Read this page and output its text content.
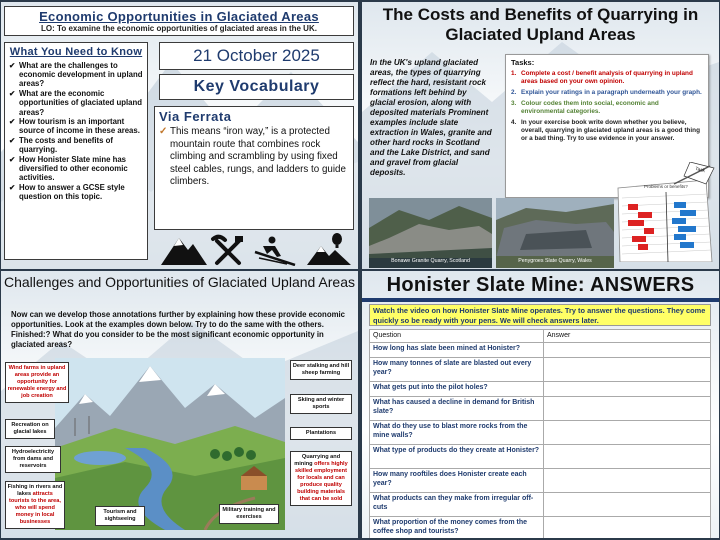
Economic Opportunities in Glaciated Areas
LO: To examine the economic opportunities of glaciated areas in the UK.
What You Need to Know
✔ What are the challenges to economic development in upland areas?
✔ What are the economic opportunities of glaciated upland areas?
✔ How tourism is an important source of income in these areas.
✔ The costs and benefits of quarrying.
✔ How Honister Slate mine has diversified to other economic activities.
✔ How to answer a GCSE style question on this topic.
21 October 2025
Key Vocabulary
Via Ferrata
✓ This means “iron way,” is a protected mountain route that combines rock climbing and scrambling by using fixed steel cables, rungs, and ladders to guide climbers.
The Costs and Benefits of Quarrying in Glaciated Upland Areas
In the UK's upland glaciated areas, the types of quarrying reflect the hard, resistant rock formations left behind by glacial erosion, along with deposited materials Prominent examples include slate extraction in Wales, granite and other hard rocks in Scotland and the Lake District, and sand and gravel from glacial deposits.
Tasks:
1. Complete a cost / benefit analysis of quarrying in upland areas based on your own opinion.
2. Explain your ratings in a paragraph underneath your graph.
3. Colour codes them into social, economic and environmental categories.
4. In your exercise book write down whether you believe, overall, quarrying in glaciated upland areas is a good thing or a bad thing. Try to use evidence in your answer.
Bonawe Granite Quarry, Scotland	Penygroes Slate Quarry, Wales
Problems or benefits?
Task
Challenges and Opportunities of Glaciated Upland Areas
Now can we develop those annotations further by explaining how these provide economic opportunities. Look at the examples down below. Try to do the same with the others. Finished:? What do you consider to be the most significant economic opportunity in glaciated areas?
Wind farms in upland areas provide an opportunity for renewable energy and job creation
Recreation on glacial lakes
Hydroelectricity from dams and reservoirs
Fishing in rivers and lakes attracts tourists to the area, who will spend money in local businesses
Tourism and sightseeing
Military training and exercises
Deer stalking and hill sheep farming
Skiing and winter sports
Plantations
Quarrying and mining offers highly skilled employment for locals and can produce quality building materials that can be sold
Honister Slate Mine: ANSWERS
Watch the video on how Honister Slate Mine operates. Try to answer the questions. They come quickly so be ready with your pens. We will check answers later.
Question	Answer
How long has slate been mined at Honister?	
How many tonnes of slate are blasted out every year?	
What gets put into the pilot holes?	
What has caused a decline in demand for British slate?	
What do they use to blast more rocks from the mine walls?	
What type of products do they create at Honister?	
How many rooftiles does Honister create each year?	
What products can they make from irregular off-cuts	
What proportion of the money comes from the coffee shop and tourists?	
